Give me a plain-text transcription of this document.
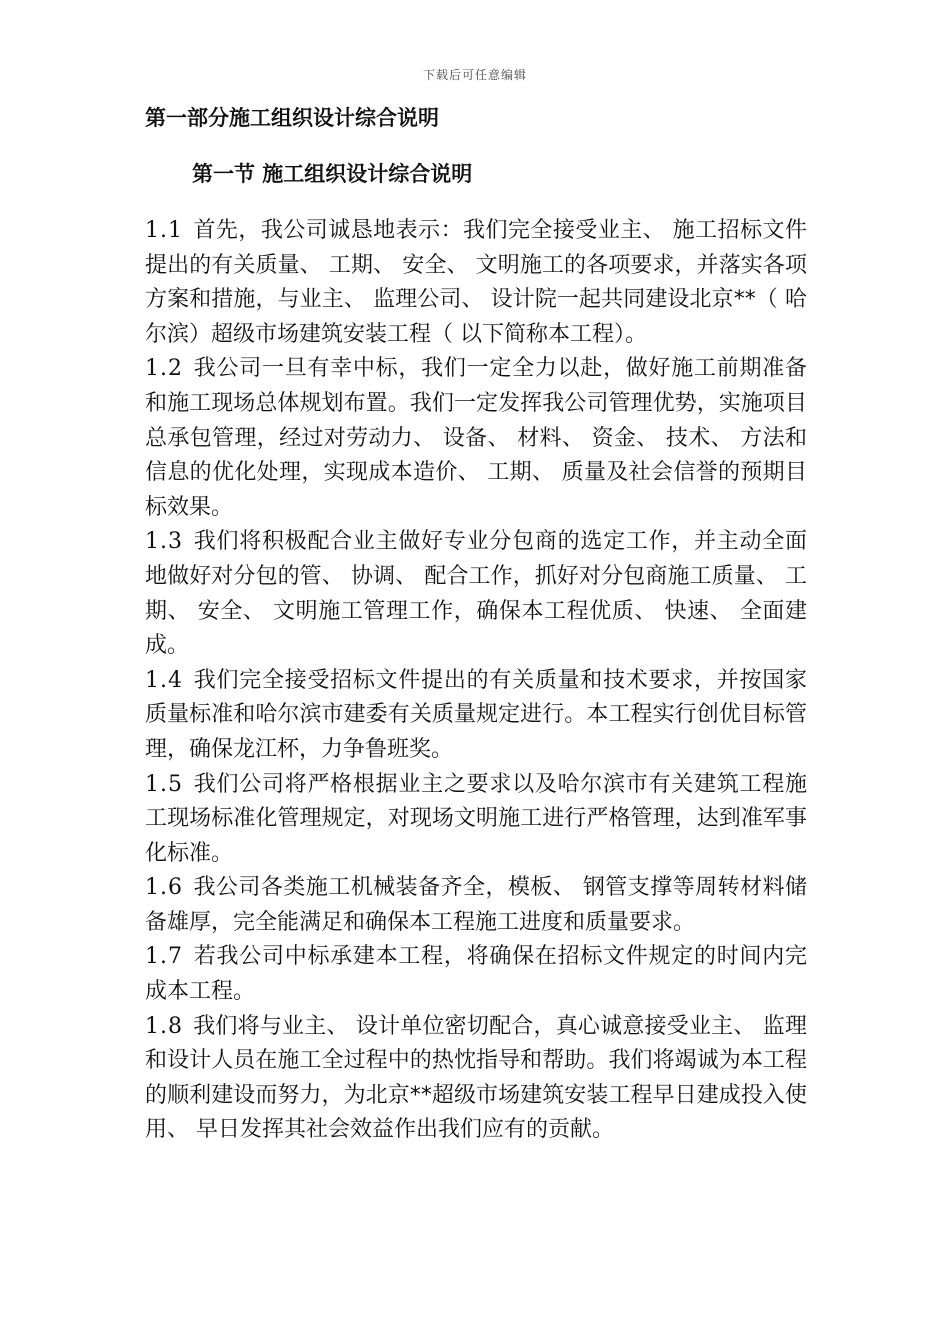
下载后可任意编辑
第一部分施工组织设计综合说明
第一节 施工组织设计综合说明

1.1 首先，我公司诚恳地表示：我们完全接受业主、 施工招标文件提出的有关质量、 工期、 安全、 文明施工的各项要求，并落实各项方案和措施，与业主、 监理公司、 设计院一起共同建设北京**（ 哈尔滨）超级市场建筑安装工程（ 以下简称本工程）。

1.2 我公司一旦有幸中标，我们一定全力以赴，做好施工前期准备和施工现场总体规划布置。我们一定发挥我公司管理优势，实施项目总承包管理，经过对劳动力、 设备、 材料、 资金、 技术、 方法和信息的优化处理，实现成本造价、 工期、 质量及社会信誉的预期目标效果。

1.3 我们将积极配合业主做好专业分包商的选定工作，并主动全面地做好对分包的管、 协调、 配合工作，抓好对分包商施工质量、 工期、 安全、 文明施工管理工作，确保本工程优质、 快速、 全面建成。

1.4 我们完全接受招标文件提出的有关质量和技术要求，并按国家质量标准和哈尔滨市建委有关质量规定进行。本工程实行创优目标管理，确保龙江杯，力争鲁班奖。

1.5 我们公司将严格根据业主之要求以及哈尔滨市有关建筑工程施工现场标准化管理规定，对现场文明施工进行严格管理，达到准军事化标准。

1.6 我公司各类施工机械装备齐全，模板、 钢管支撑等周转材料储备雄厚，完全能满足和确保本工程施工进度和质量要求。

1.7 若我公司中标承建本工程，将确保在招标文件规定的时间内完成本工程。

1.8 我们将与业主、 设计单位密切配合，真心诚意接受业主、 监理和设计人员在施工全过程中的热忱指导和帮助。我们将竭诚为本工程的顺利建设而努力，为北京**超级市场建筑安装工程早日建成投入使用、 早日发挥其社会效益作出我们应有的贡献。
